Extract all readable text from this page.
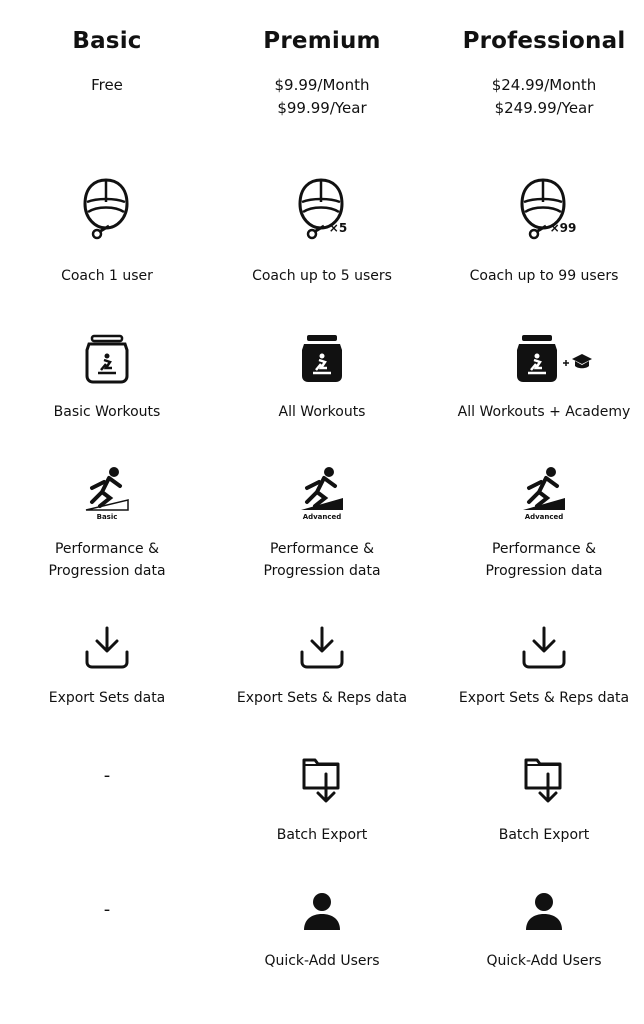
Basic
Free
Coach 1 user
Basic Workouts
Basic
Performance &
Progression data
Export Sets data
-
-
Premium
$9.99/Month
$99.99/Year
×5
Coach up to 5 users
All Workouts
Advanced
Performance &
Progression data
Export Sets & Reps data
Batch Export
Quick-Add Users
Professional
$24.99/Month
$249.99/Year
×99
Coach up to 99 users
All Workouts + Academy
Advanced
Performance &
Progression data
Export Sets & Reps data
Batch Export
Quick-Add Users
